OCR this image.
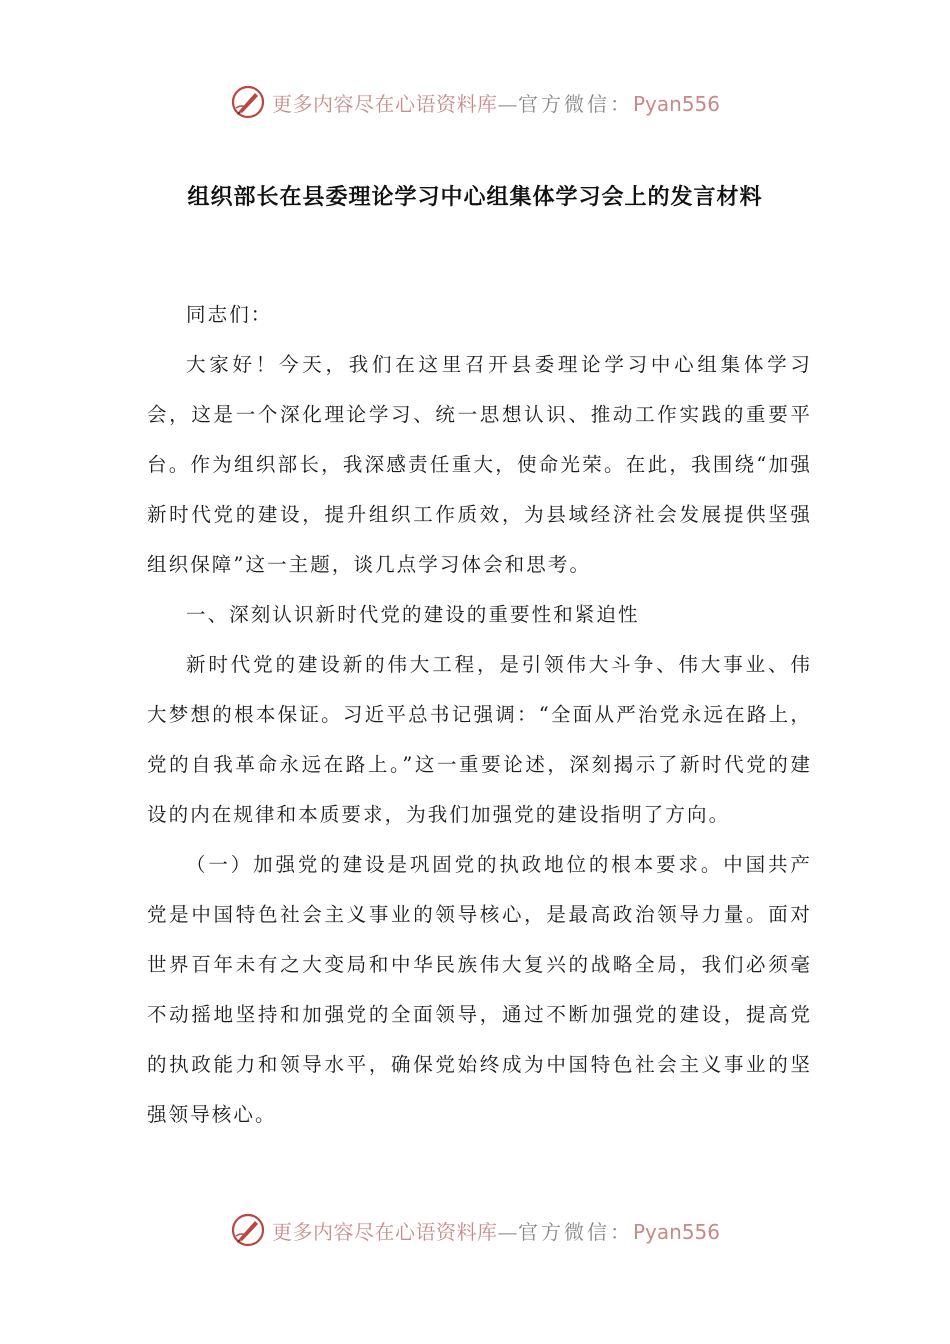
更多内容尽在心语资料库—官方微信：Pyan556
组织部长在县委理论学习中心组集体学习会上的发言材料

同志们：

大家好！今天，我们在这里召开县委理论学习中心组集体学习会，这是一个深化理论学习、统一思想认识、推动工作实践的重要平台。作为组织部长，我深感责任重大，使命光荣。在此，我围绕“加强新时代党的建设，提升组织工作质效，为县域经济社会发展提供坚强组织保障”这一主题，谈几点学习体会和思考。

一、深刻认识新时代党的建设的重要性和紧迫性

新时代党的建设新的伟大工程，是引领伟大斗争、伟大事业、伟大梦想的根本保证。习近平总书记强调：“全面从严治党永远在路上，党的自我革命永远在路上。”这一重要论述，深刻揭示了新时代党的建设的内在规律和本质要求，为我们加强党的建设指明了方向。

（一）加强党的建设是巩固党的执政地位的根本要求。中国共产党是中国特色社会主义事业的领导核心，是最高政治领导力量。面对世界百年未有之大变局和中华民族伟大复兴的战略全局，我们必须毫不动摇地坚持和加强党的全面领导，通过不断加强党的建设，提高党的执政能力和领导水平，确保党始终成为中国特色社会主义事业的坚强领导核心。

更多内容尽在心语资料库—官方微信：Pyan556
